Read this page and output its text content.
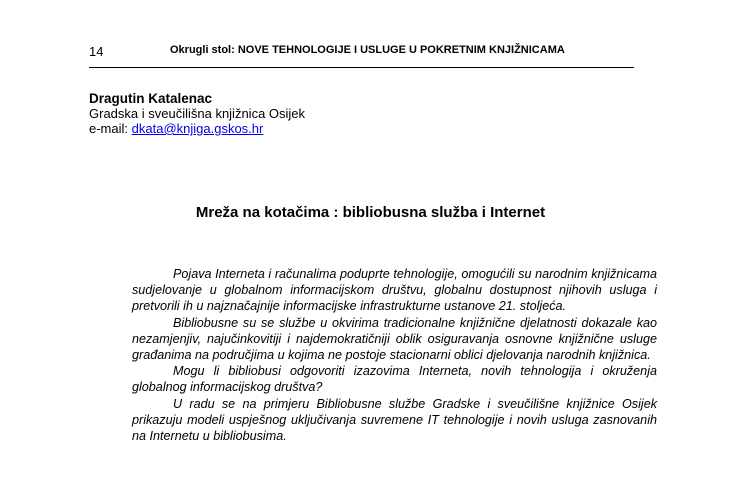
14	Okrugli stol: NOVE TEHNOLOGIJE I USLUGE U POKRETNIM KNJIŽNICAMA
Dragutin Katalenac
Gradska i sveučilišna knjižnica Osijek
e-mail: dkata@knjiga.gskos.hr
Mreža na kotačima : bibliobusna služba i Internet

Pojava Interneta i računalima poduprte tehnologije, omogućili su narodnim knjižnicama sudjelovanje u globalnom informacijskom društvu, globalnu dostupnost njihovih usluga i pretvorili ih u najznačajnije informacijske infrastrukturne ustanove 21. stoljeća.

Bibliobusne su se službe u okvirima tradicionalne knjižnične djelatnosti dokazale kao nezamjenjiv, najučinkovitiji i najdemokratičniji oblik osiguravanja osnovne knjižnične usluge građanima na područjima u kojima ne postoje stacionarni oblici djelovanja narodnih knjižnica.

Mogu li bibliobusi odgovoriti izazovima Interneta, novih tehnologija i okruženja globalnog informacijskog društva?

U radu se na primjeru Bibliobusne službe Gradske i sveučilišne knjižnice Osijek prikazuju modeli uspješnog uključivanja suvremene IT tehnologije i novih usluga zasnovanih na Internetu u bibliobusima.
